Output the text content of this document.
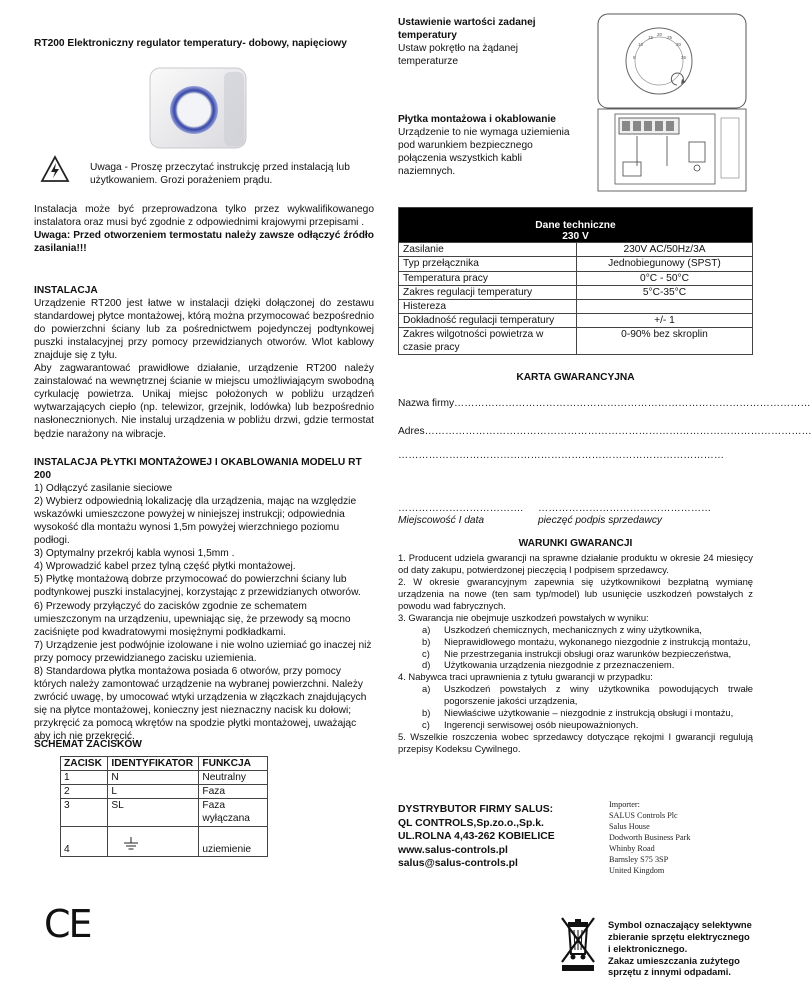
RT200 Elektroniczny regulator temperatury- dobowy, napięciowy
Uwaga - Proszę przeczytać instrukcję przed instalacją lub użytkowaniem. Grozi porażeniem prądu.

Instalacja może być przeprowadzona tylko przez wykwalifikowanego instalatora oraz musi być zgodnie z odpowiednimi krajowymi przepisami .

Uwaga: Przed otworzeniem termostatu należy zawsze odłączyć źródło zasilania!!!

INSTALACJA

Urządzenie RT200 jest łatwe w instalacji dzięki dołączonej do zestawu standardowej płytce montażowej, którą można przymocować bezpośrednio do powierzchni ściany lub za pośrednictwem pojedynczej podtynkowej puszki instalacyjnej przy pomocy przewidzianych otworów. Wlot kablowy znajduje się z tyłu.

Aby zagwarantować prawidłowe działanie, urządzenie RT200 należy zainstalować na wewnętrznej ścianie w miejscu umożliwiającym swobodną cyrkulację powietrza. Unikaj miejsc położonych w pobliżu urządzeń wytwarzających ciepło (np. telewizor, grzejnik, lodówka) lub bezpośrednio nasłonecznionych. Nie instaluj urządzenia w pobliżu drzwi, gdzie termostat będzie narażony na wibracje.

INSTALACJA PŁYTKI MONTAŻOWEJ I OKABLOWANIA MODELU RT 200

1) Odłączyć zasilanie sieciowe

2) Wybierz odpowiednią lokalizację dla urządzenia, mając na względzie wskazówki umieszczone powyżej w niniejszej instrukcji; odpowiednia wysokość dla montażu wynosi 1,5m powyżej wierzchniego poziomu podłogi.

3) Optymalny przekrój kabla wynosi 1,5mm .

4) Wprowadzić kabel przez tylną część płytki montażowej.

5) Płytkę montażową dobrze przymocować do powierzchni ściany lub podtynkowej puszki instalacyjnej, korzystając z przewidzianych otworów.

6) Przewody przyłączyć do zacisków zgodnie ze schematem umieszczonym na urządzeniu, upewniając się, że przewody są mocno zaciśnięte pod kwadratowymi mosiężnymi podkładkami.

7) Urządzenie jest podwójnie izolowane i nie wolno uziemiać go inaczej niż przy pomocy przewidzianego zacisku uziemienia.

8) Standardowa płytka montażowa posiada 6 otworów, przy pomocy których należy zamontować urządzenie na wybranej powierzchni. Należy zwrócić uwagę, by umocować wtyki urządzenia w złączkach znajdujących się na płytce montażowej, konieczny jest nieznaczny nacisk ku dołowi; przykręcić za pomocą wkrętów na spodzie płytki montażowej, uważając aby ich nie przekręcić.

SCHEMAT ZACISKÓW
ZACISK	IDENTYFIKATOR	FUNKCJA
1	N	Neutralny
2	L	Faza
3	SL	Faza wyłączana
4		uziemienie
CE

Ustawienie wartości zadanej temperatury

Ustaw pokrętło na żądanej temperaturze	5
10
15
20
25
30
35

Płytka montażowa i okablowanie

Urządzenie to nie wymaga uziemienia pod warunkiem bezpiecznego połączenia wszystkich kabli naziemnych.

Dane techniczne
230 V	

Zasilanie	230V AC/50Hz/3A
Typ przełącznika	Jednobiegunowy (SPST)
Temperatura pracy	0°C - 50°C
Zakres regulacji temperatury	5°C-35°C
Histereza	
Dokładność regulacji temperatury	+/- 1
Zakres wilgotności powietrza w czasie pracy	0-90% bez skroplin
KARTA GWARANCYJNA
Nazwa firmy……………………………………………………………………………………………
Adres……………………………………………………………………………………………………
……………………………………………………………………………………
………………………………. ……………………………………………
Miejscowość I data	pieczęć podpis sprzedawcy
WARUNKI GWARANCJI

1. Producent udziela gwarancji na sprawne działanie produktu w okresie 24 miesięcy od daty zakupu, potwierdzonej pieczęcią I podpisem sprzedawcy.

2. W okresie gwarancyjnym zapewnia się użytkownikowi bezpłatną wymianę urządzenia na nowe (ten sam typ/model) lub usunięcie uszkodzeń powstałych z powodu wad fabrycznych.

3. Gwarancja nie obejmuje uszkodzeń powstałych w wyniku:

a) Uszkodzeń chemicznych, mechanicznych z winy użytkownika,

b) Nieprawidłowego montażu, wykonanego niezgodnie z instrukcją montażu,

c) Nie przestrzegania instrukcji obsługi oraz warunków bezpieczeństwa,

d) Użytkowania urządzenia niezgodnie z przeznaczeniem.

4. Nabywca traci uprawnienia z tytułu gwarancji w przypadku:

a) Uszkodzeń powstałych z winy użytkownika powodujących trwałe pogorszenie jakości urządzenia,

b) Niewłaściwe użytkowanie – niezgodnie z instrukcją obsługi i montażu,

c) Ingerencji serwisowej osób nieupoważnionych.

5. Wszelkie roszczenia wobec sprzedawcy dotyczące rękojmi I gwarancji regulują przepisy Kodeksu Cywilnego.

DYSTRYBUTOR FIRMY SALUS:

QL CONTROLS,Sp.zo.o.,Sp.k.

UL.ROLNA 4,43-262 KOBIELICE

www.salus-controls.pl

salus@salus-controls.pl

Importer:

SALUS Controls Plc

Salus House

Dodworth Business Park

Whinby Road

Barnsley S75 3SP

United Kingdom

Symbol oznaczający selektywne

zbieranie sprzętu elektrycznego

i elektronicznego.

Zakaz umieszczania zużytego

sprzętu z innymi odpadami.
